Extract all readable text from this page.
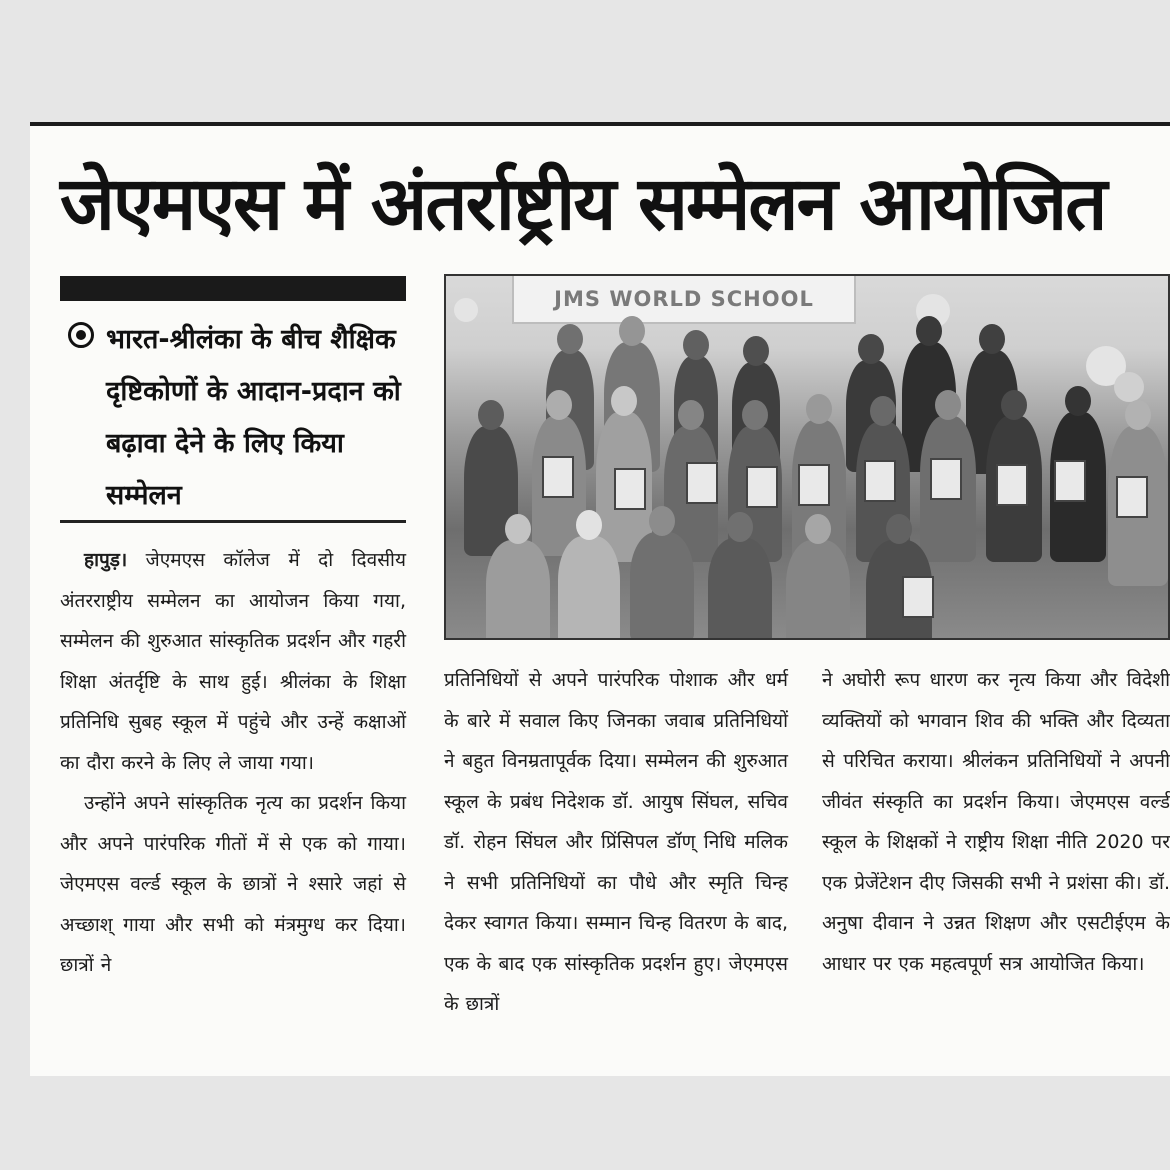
जेएमएस में अंतर्राष्ट्रीय सम्मेलन आयोजित
भारत-श्रीलंका के बीच शैक्षिक दृष्टिकोणों के आदान-प्रदान को बढ़ावा देने के लिए किया सम्मेलन
JMS WORLD SCHOOL

हापुड़। जेएमएस कॉलेज में दो दिवसीय अंतरराष्ट्रीय सम्मेलन का आयोजन किया गया, सम्मेलन की शुरुआत सांस्कृतिक प्रदर्शन और गहरी शिक्षा अंतर्दृष्टि के साथ हुई। श्रीलंका के शिक्षा प्रतिनिधि सुबह स्कूल में पहुंचे और उन्हें कक्षाओं का दौरा करने के लिए ले जाया गया।

उन्होंने अपने सांस्कृतिक नृत्य का प्रदर्शन किया और अपने पारंपरिक गीतों में से एक को गाया। जेएमएस वर्ल्ड स्कूल के छात्रों ने श्सारे जहां से अच्छाश् गाया और सभी को मंत्रमुग्ध कर दिया। छात्रों ने

प्रतिनिधियों से अपने पारंपरिक पोशाक और धर्म के बारे में सवाल किए जिनका जवाब प्रतिनिधियों ने बहुत विनम्रतापूर्वक दिया। सम्मेलन की शुरुआत स्कूल के प्रबंध निदेशक डॉ. आयुष सिंघल, सचिव डॉ. रोहन सिंघल और प्रिंसिपल डॉण् निधि मलिक ने सभी प्रतिनिधियों का पौधे और स्मृति चिन्ह देकर स्वागत किया। सम्मान चिन्ह वितरण के बाद, एक के बाद एक सांस्कृतिक प्रदर्शन हुए। जेएमएस के छात्रों

ने अघोरी रूप धारण कर नृत्य किया और विदेशी व्यक्तियों को भगवान शिव की भक्ति और दिव्यता से परिचित कराया। श्रीलंकन प्रतिनिधियों ने अपनी जीवंत संस्कृति का प्रदर्शन किया। जेएमएस वर्ल्ड स्कूल के शिक्षकों ने राष्ट्रीय शिक्षा नीति 2020 पर एक प्रेजेंटेशन दीए जिसकी सभी ने प्रशंसा की। डॉ. अनुषा दीवान ने उन्नत शिक्षण और एसटीईएम के आधार पर एक महत्वपूर्ण सत्र आयोजित किया।
